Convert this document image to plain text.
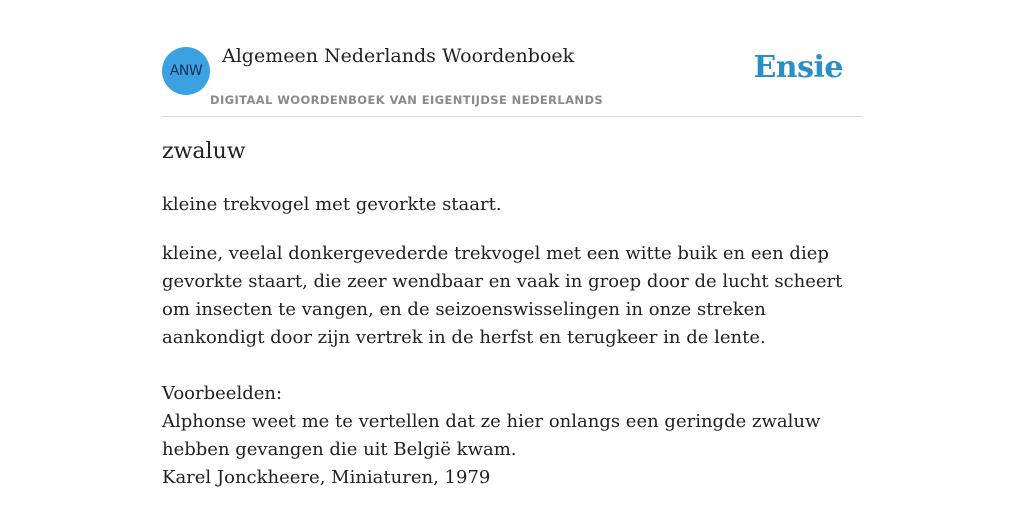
ANW
Algemeen Nederlands Woordenboek
DIGITAAL WOORDENBOEK VAN EIGENTIJDSE NEDERLANDS
Ensie
zwaluw
kleine trekvogel met gevorkte staart.
kleine, veelal donkergevederde trekvogel met een witte buik en een diep gevorkte staart, die zeer wendbaar en vaak in groep door de lucht scheert om insecten te vangen, en de seizoenswisselingen in onze streken aankondigt door zijn vertrek in de herfst en terugkeer in de lente.
Voorbeelden:
Alphonse weet me te vertellen dat ze hier onlangs een geringde zwaluw hebben gevangen die uit België kwam.
Karel Jonckheere, Miniaturen, 1979
